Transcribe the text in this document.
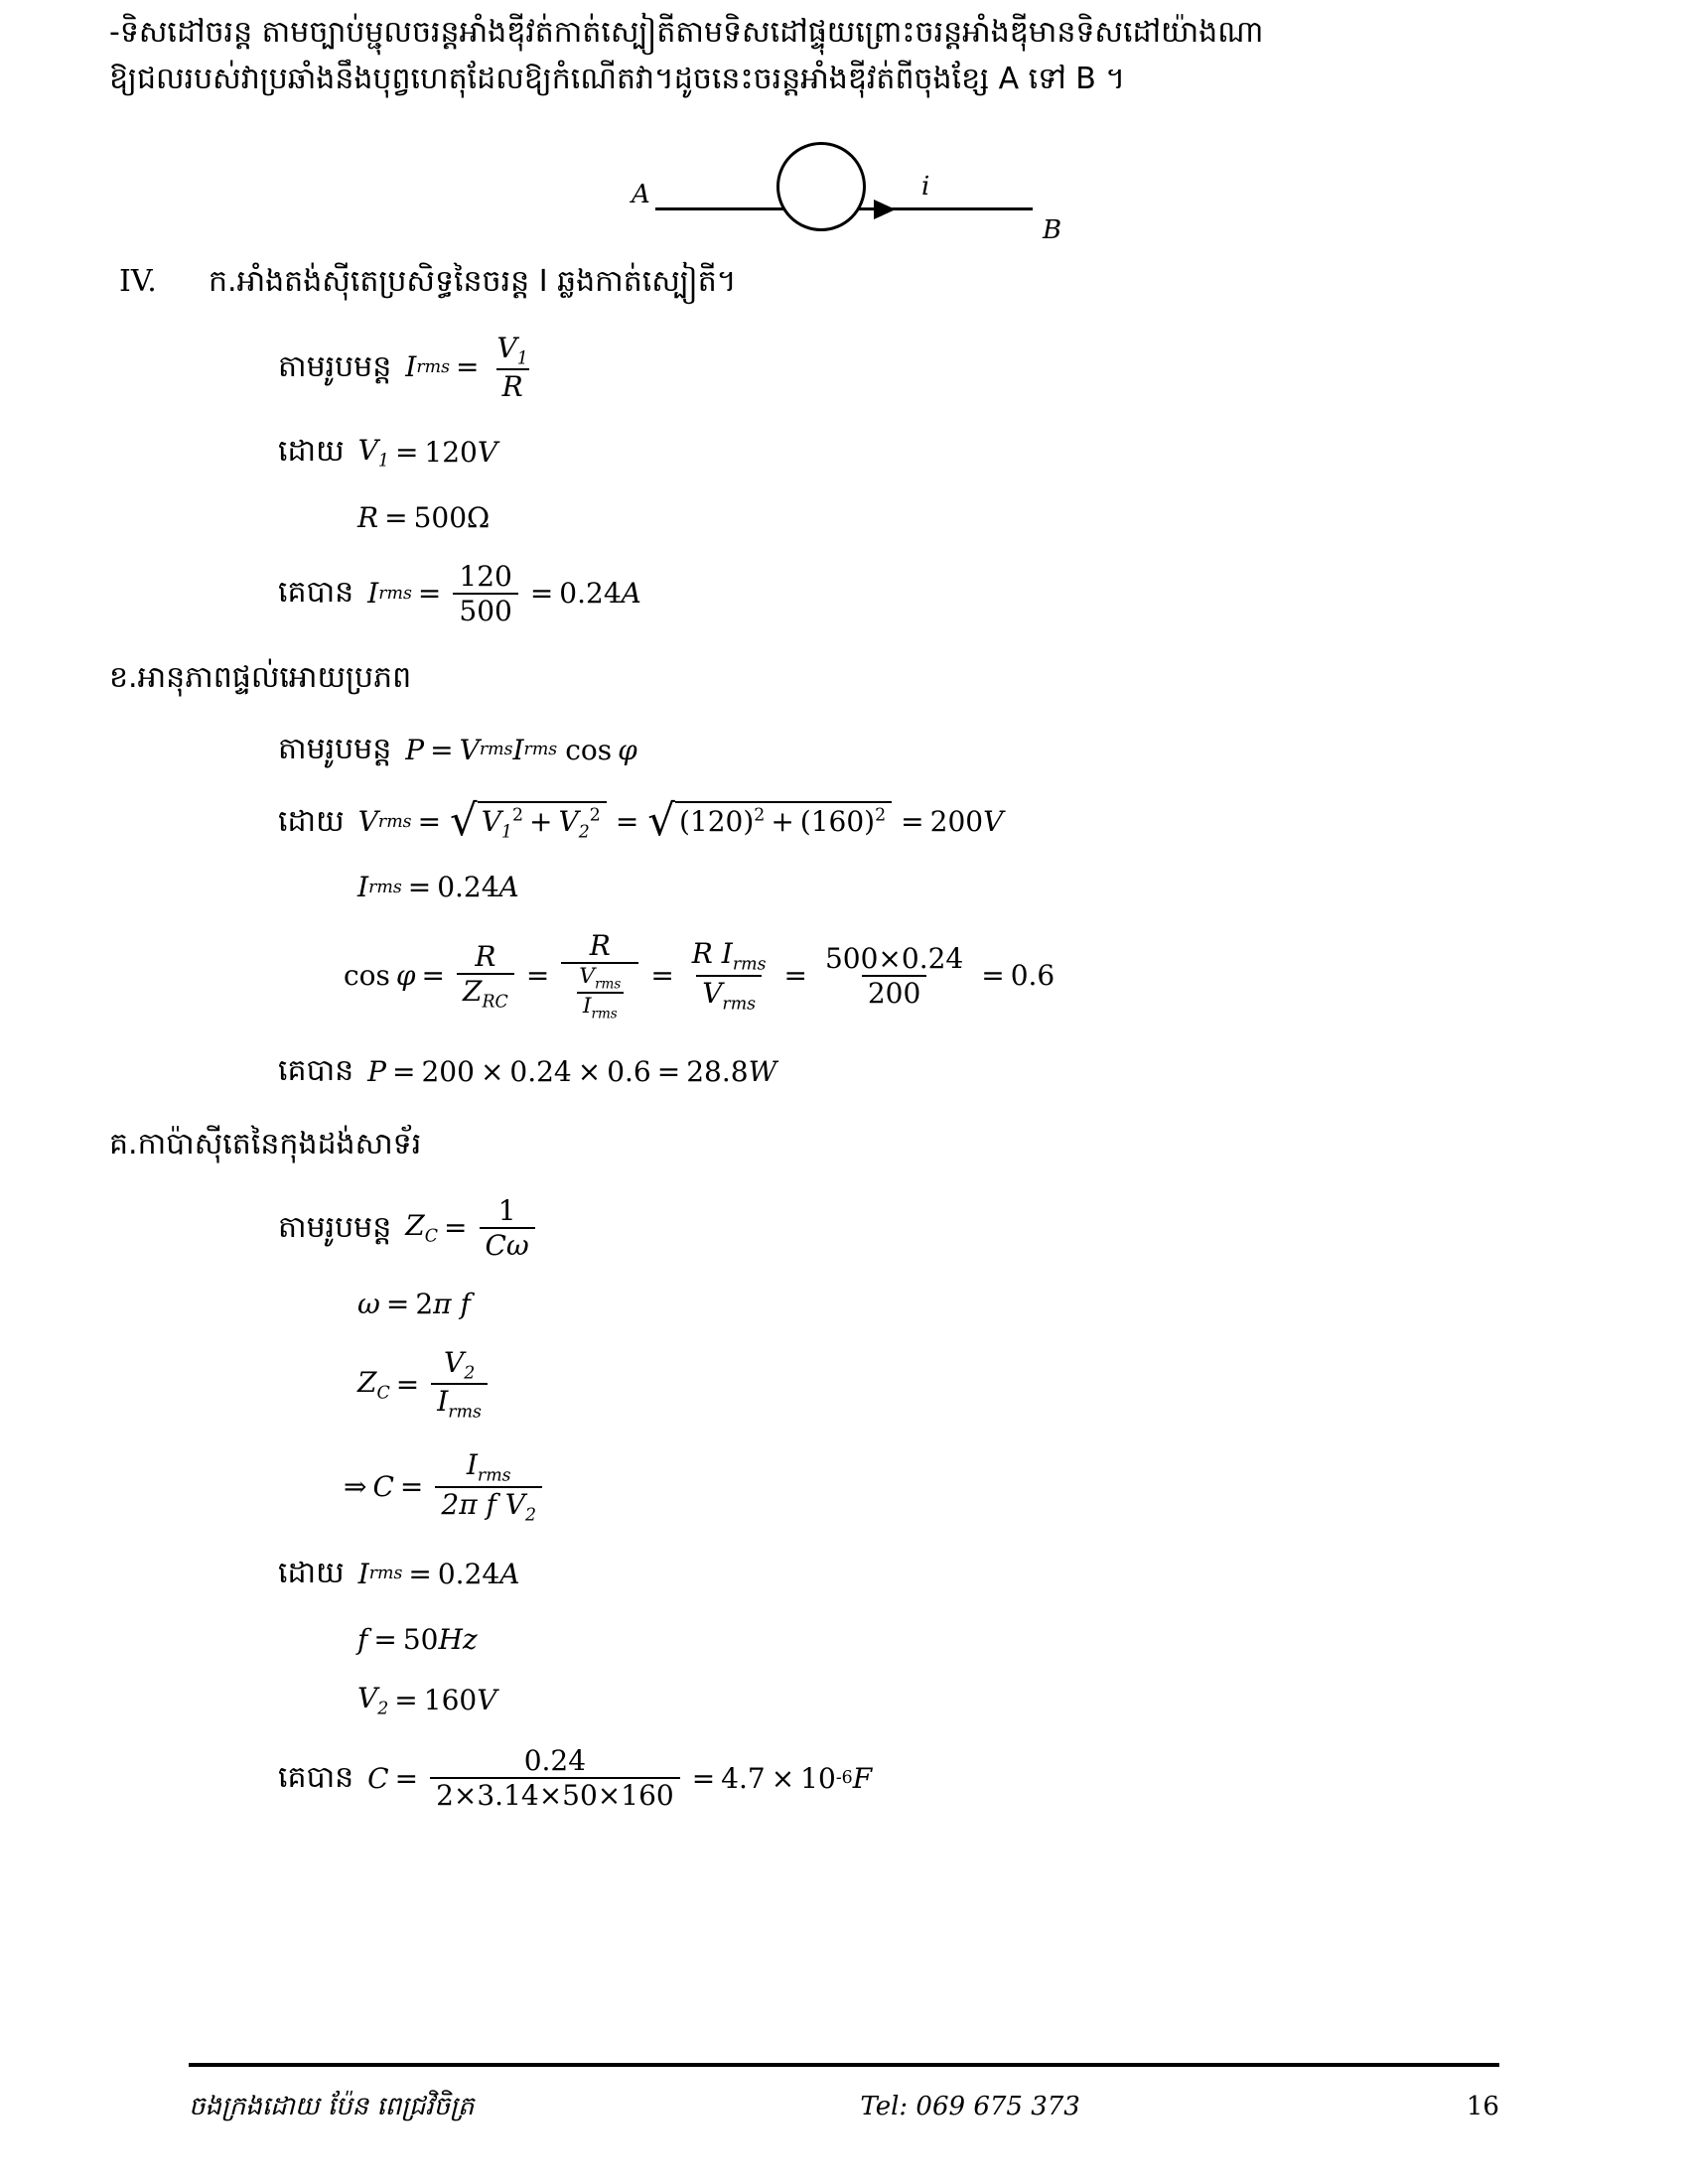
-ទិសដៅចរន្ត តាមច្បាប់ម្ជុលចរន្តអាំងឌុីវត់កាត់ស្បៀតីតាមទិសដៅផ្ទុយព្រោះចរន្តអាំងឌុីមានទិសដៅយ៉ាងណា
ឱ្យជលរបស់វាប្រឆាំងនឹងបុព្វហេតុដែលឱ្យកំណើតវា។ដូចនេះចរន្តអាំងឌុីវត់ពីចុងខ្សែ A ទៅ B ។
A
B
i
IV.	ក.អាំងតង់ស៊ីតេប្រសិទ្ធនៃចរន្ត I ឆ្លងកាត់ស្បៀតី។
តាមរូបមន្ត I rms = $\frac{V_1}{R}$
ដោយ $V_1 = 120$ V
R = 500 Ω
គេបាន I rms = $\frac{120}{500} = 0.24$ A
ខ.អានុភាពផ្ទល់អោយប្រភព
តាមរូបមន្ត P = V rms I rms cos φ
ដោយ V rms = √ $V_1^2 + V_2^2$ = √ $(120)^2 + (160)^2 = 200$ V
I rms = 0.24 A
$\cos \varphi = \frac{R}{Z_{RC}} = \frac{R}{\frac{V_{rms}}{I_{rms}}} = \frac{R I_{rms}}{V_{rms}} = \frac{500\times 0.24}{200} = 0.6$
គេបាន P = 200 × 0.24 × 0.6 = 28.8 W
គ.កាប៉ាស៊ីតេនៃកុងដង់សាទ័រ
តាមរូបមន្ត $Z_C = \frac{1}{C\omega}$
ω = 2 π
f
$Z_C = \frac{V_2}{I_{rms}}$
⇒ $C = \frac{I_{rms}}{2\pi f V_2}$
ដោយ I rms = 0.24 A
f = 50 Hz
$V_2 = 160$ V
គេបាន $C = \frac{0.24}{2\times 3.14\times 50\times 160} = 4.7 \times 10$ -6 F
ចងក្រងដោយ ប៉ែន ពេជ្រវិចិត្រ	Tel: 069 675 373	16
